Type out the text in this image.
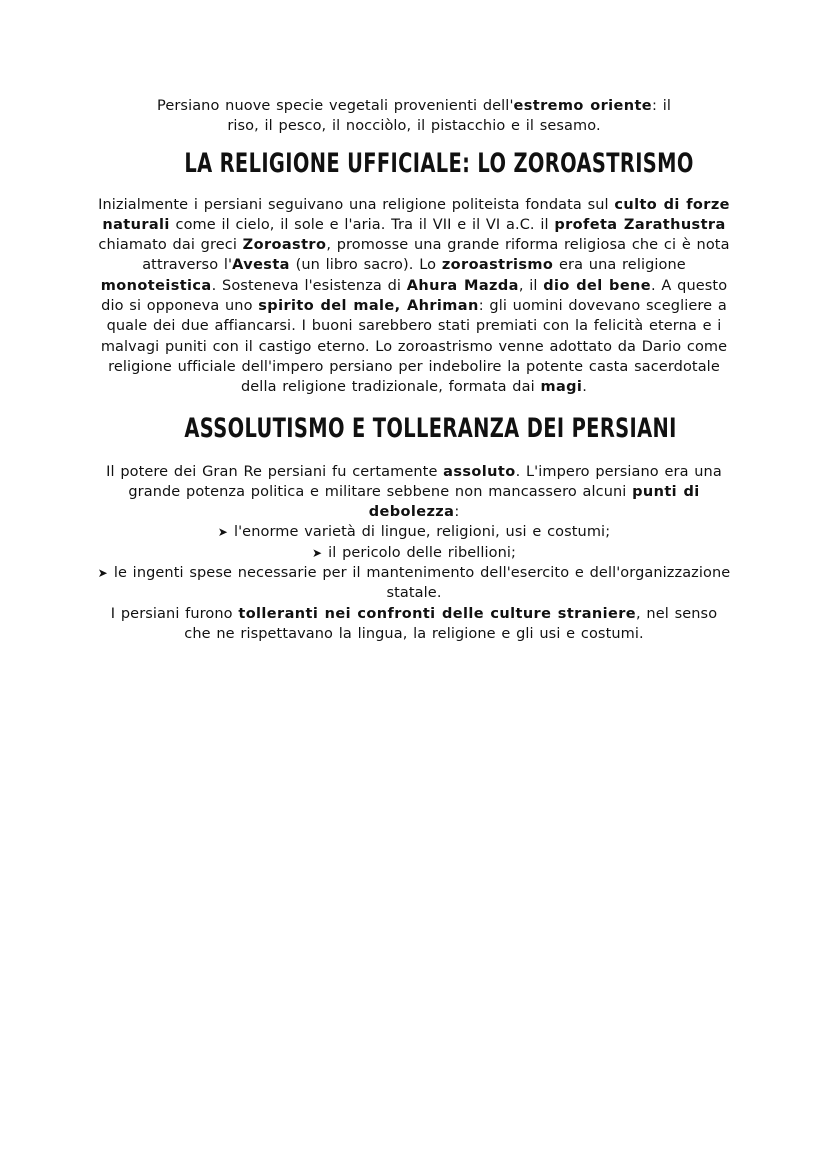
Persiano nuove specie vegetali provenienti dell'estremo oriente: il
riso, il pesco, il nocciòlo, il pistacchio e il sesamo.

LA RELIGIONE UFFICIALE: LO ZOROASTRISMO

Inizialmente i persiani seguivano una religione politeista fondata sul culto di forze naturali come il cielo, il sole e l'aria. Tra il VII e il VI a.C. il profeta Zarathustra chiamato dai greci Zoroastro, promosse una grande riforma religiosa che ci è nota attraverso l'Avesta (un libro sacro). Lo zoroastrismo era una religione monoteistica. Sosteneva l'esistenza di Ahura Mazda, il dio del bene. A questo dio si opponeva uno spirito del male, Ahriman: gli uomini dovevano scegliere a quale dei due affiancarsi. I buoni sarebbero stati premiati con la felicità eterna e i malvagi puniti con il castigo eterno. Lo zoroastrismo venne adottato da Dario come religione ufficiale dell'impero persiano per indebolire la potente casta sacerdotale della religione tradizionale, formata dai magi.

ASSOLUTISMO E TOLLERANZA DEI PERSIANI

Il potere dei Gran Re persiani fu certamente assoluto. L'impero persiano era una grande potenza politica e militare sebbene non mancassero alcuni punti di debolezza:
➤ l'enorme varietà di lingue, religioni, usi e costumi;
➤ il pericolo delle ribellioni;
➤ le ingenti spese necessarie per il mantenimento dell'esercito e dell'organizzazione statale.
I persiani furono tolleranti nei confronti delle culture straniere, nel senso che ne rispettavano la lingua, la religione e gli usi e costumi.
